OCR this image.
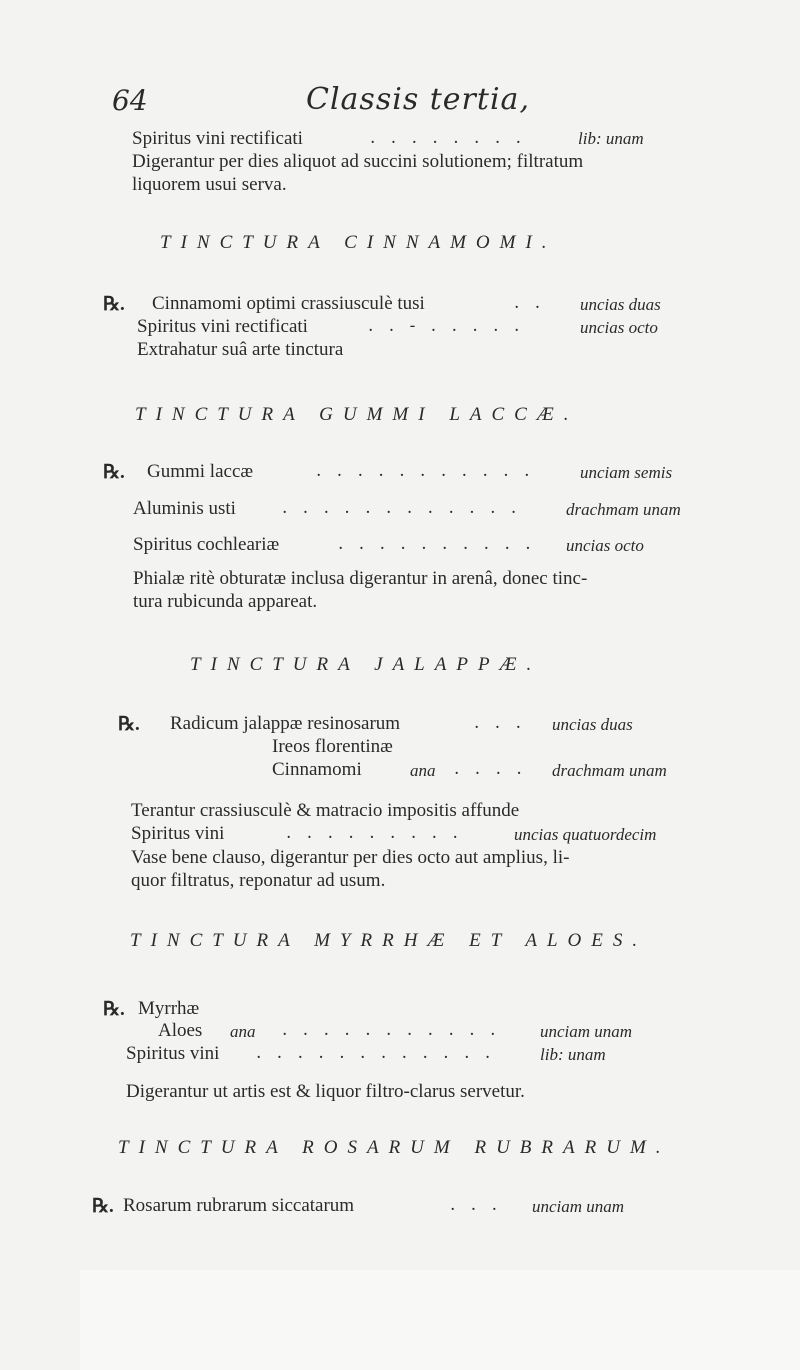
64	Classis tertia,
Spiritus vini rectificati	. . . . . . . .	lib: unam
Digerantur per dies aliquot ad succini solutionem; filtratum
liquorem usui serva.
TINCTURA CINNAMOMI.
℞. Cinnamomi optimi crassiusculè tusi	. . uncias duas
Spiritus vini rectificati	. . - . . . . .	uncias octo
Extrahatur suâ arte tinctura
TINCTURA GUMMI LACCÆ.
℞. Gummi laccæ	. . . . . . . . . . .	unciam semis
Aluminis usti	. . . . . . . . . . . .	drachmam unam
Spiritus cochleariæ	. . . . . . . . . . uncias octo
Phialæ ritè obturatæ inclusa digerantur in arenâ, donec tinc-
tura rubicunda appareat.
TINCTURA JALAPPÆ.
℞. Radicum jalappæ resinosarum	. . . uncias duas
Ireos florentinæ
Cinnamomi	ana . . . . drachmam unam
Terantur crassiusculè & matracio impositis affunde
Spiritus vini	. . . . . . . . .	uncias quatuordecim
Vase bene clauso, digerantur per dies octo aut amplius, li-
quor filtratus, reponatur ad usum.
TINCTURA MYRRHÆ ET ALOES.
℞. Myrrhæ
Aloes ana . . . . . . . . . . . unciam unam
Spiritus vini . . . . . . . . . . . .	lib: unam
Digerantur ut artis est & liquor filtro-clarus servetur.
TINCTURA ROSARUM RUBRARUM.
℞. Rosarum rubrarum siccatarum	. . . unciam unam
